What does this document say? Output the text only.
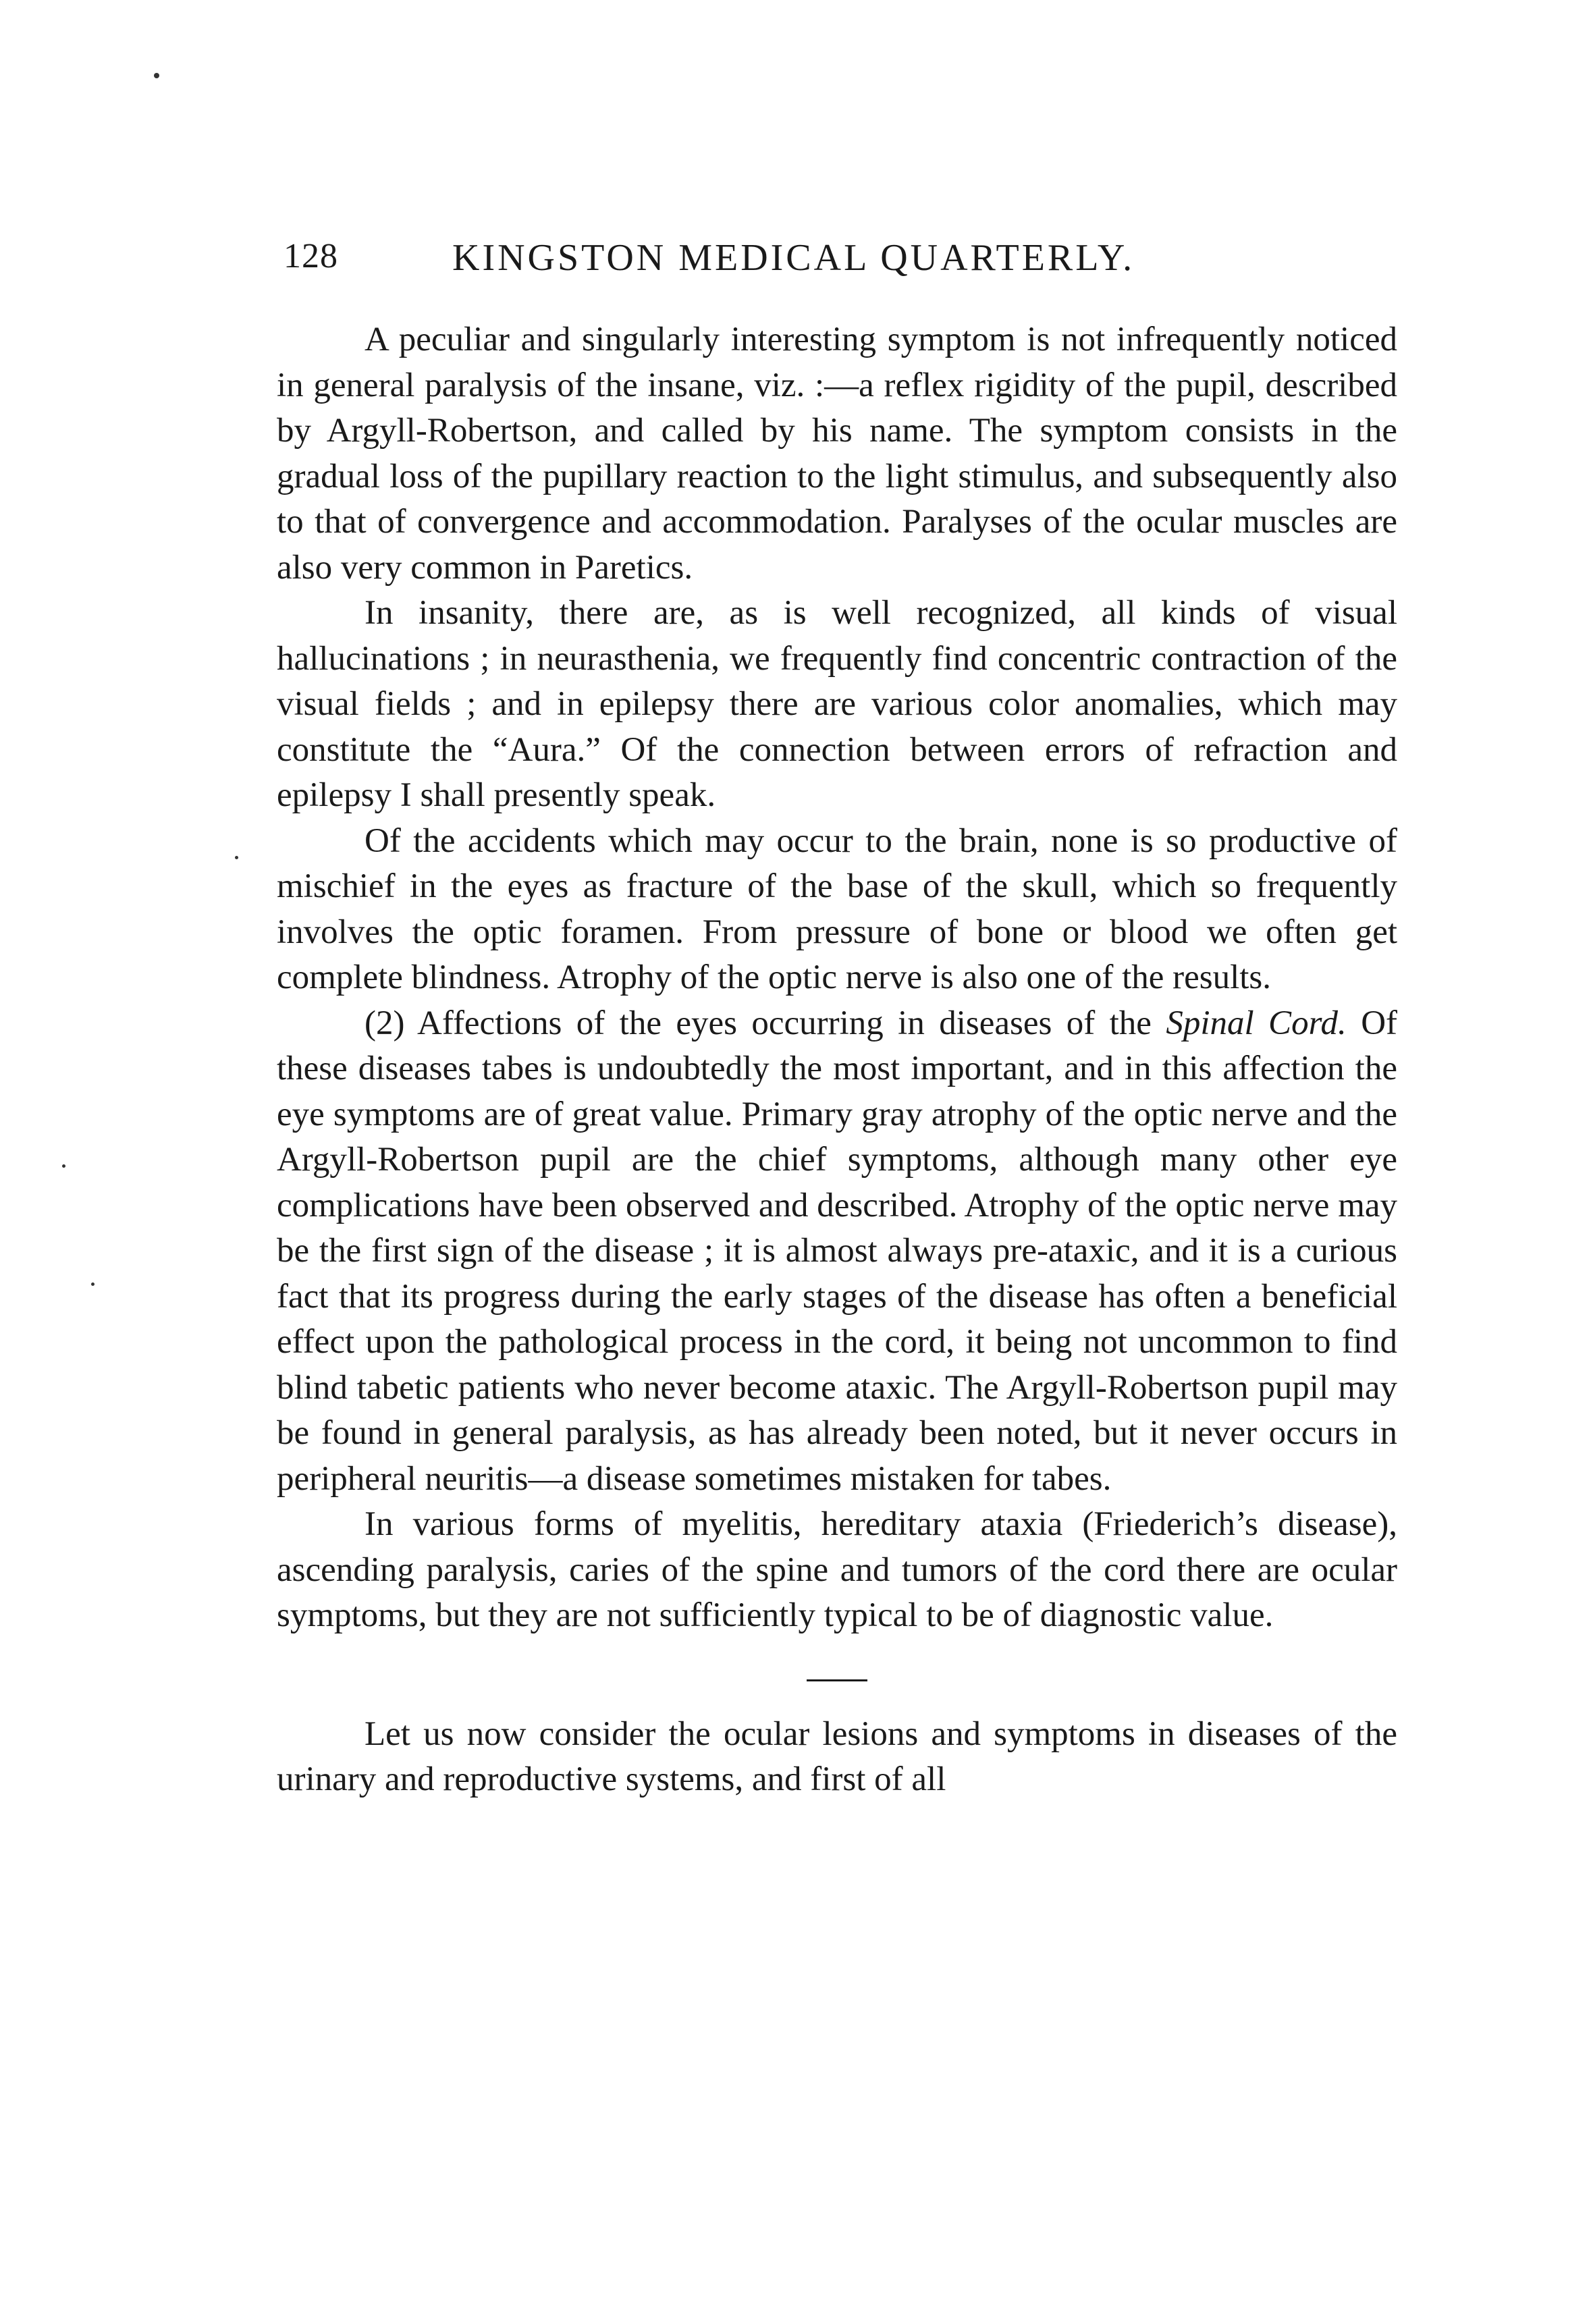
128	KINGSTON MEDICAL QUARTERLY.

A peculiar and singularly interesting symptom is not infrequently noticed in general paralysis of the insane, viz. :—a reflex rigidity of the pupil, described by Argyll-Robertson, and called by his name. The symptom consists in the gradual loss of the pupillary reaction to the light stimulus, and subsequently also to that of convergence and accommodation. Paralyses of the ocular muscles are also very common in Paretics.

In insanity, there are, as is well recognized, all kinds of visual hallucinations ; in neurasthenia, we frequently find concentric contraction of the visual fields ; and in epilepsy there are various color anomalies, which may constitute the “Aura.” Of the connection between errors of refraction and epilepsy I shall presently speak.

Of the accidents which may occur to the brain, none is so productive of mischief in the eyes as fracture of the base of the skull, which so frequently involves the optic foramen. From pressure of bone or blood we often get complete blindness. Atrophy of the optic nerve is also one of the results.

(2) Affections of the eyes occurring in diseases of the Spinal Cord. Of these diseases tabes is undoubtedly the most important, and in this affection the eye symptoms are of great value. Primary gray atrophy of the optic nerve and the Argyll-Robertson pupil are the chief symptoms, although many other eye complications have been observed and described. Atrophy of the optic nerve may be the first sign of the disease ; it is almost always pre-ataxic, and it is a curious fact that its progress during the early stages of the disease has often a beneficial effect upon the pathological process in the cord, it being not uncommon to find blind tabetic patients who never become ataxic. The Argyll-Robertson pupil may be found in general paralysis, as has already been noted, but it never occurs in peripheral neuritis—a disease sometimes mistaken for tabes.

In various forms of myelitis, hereditary ataxia (Friederich’s disease), ascending paralysis, caries of the spine and tumors of the cord there are ocular symptoms, but they are not sufficiently typical to be of diagnostic value.

Let us now consider the ocular lesions and symptoms in diseases of the urinary and reproductive systems, and first of all
